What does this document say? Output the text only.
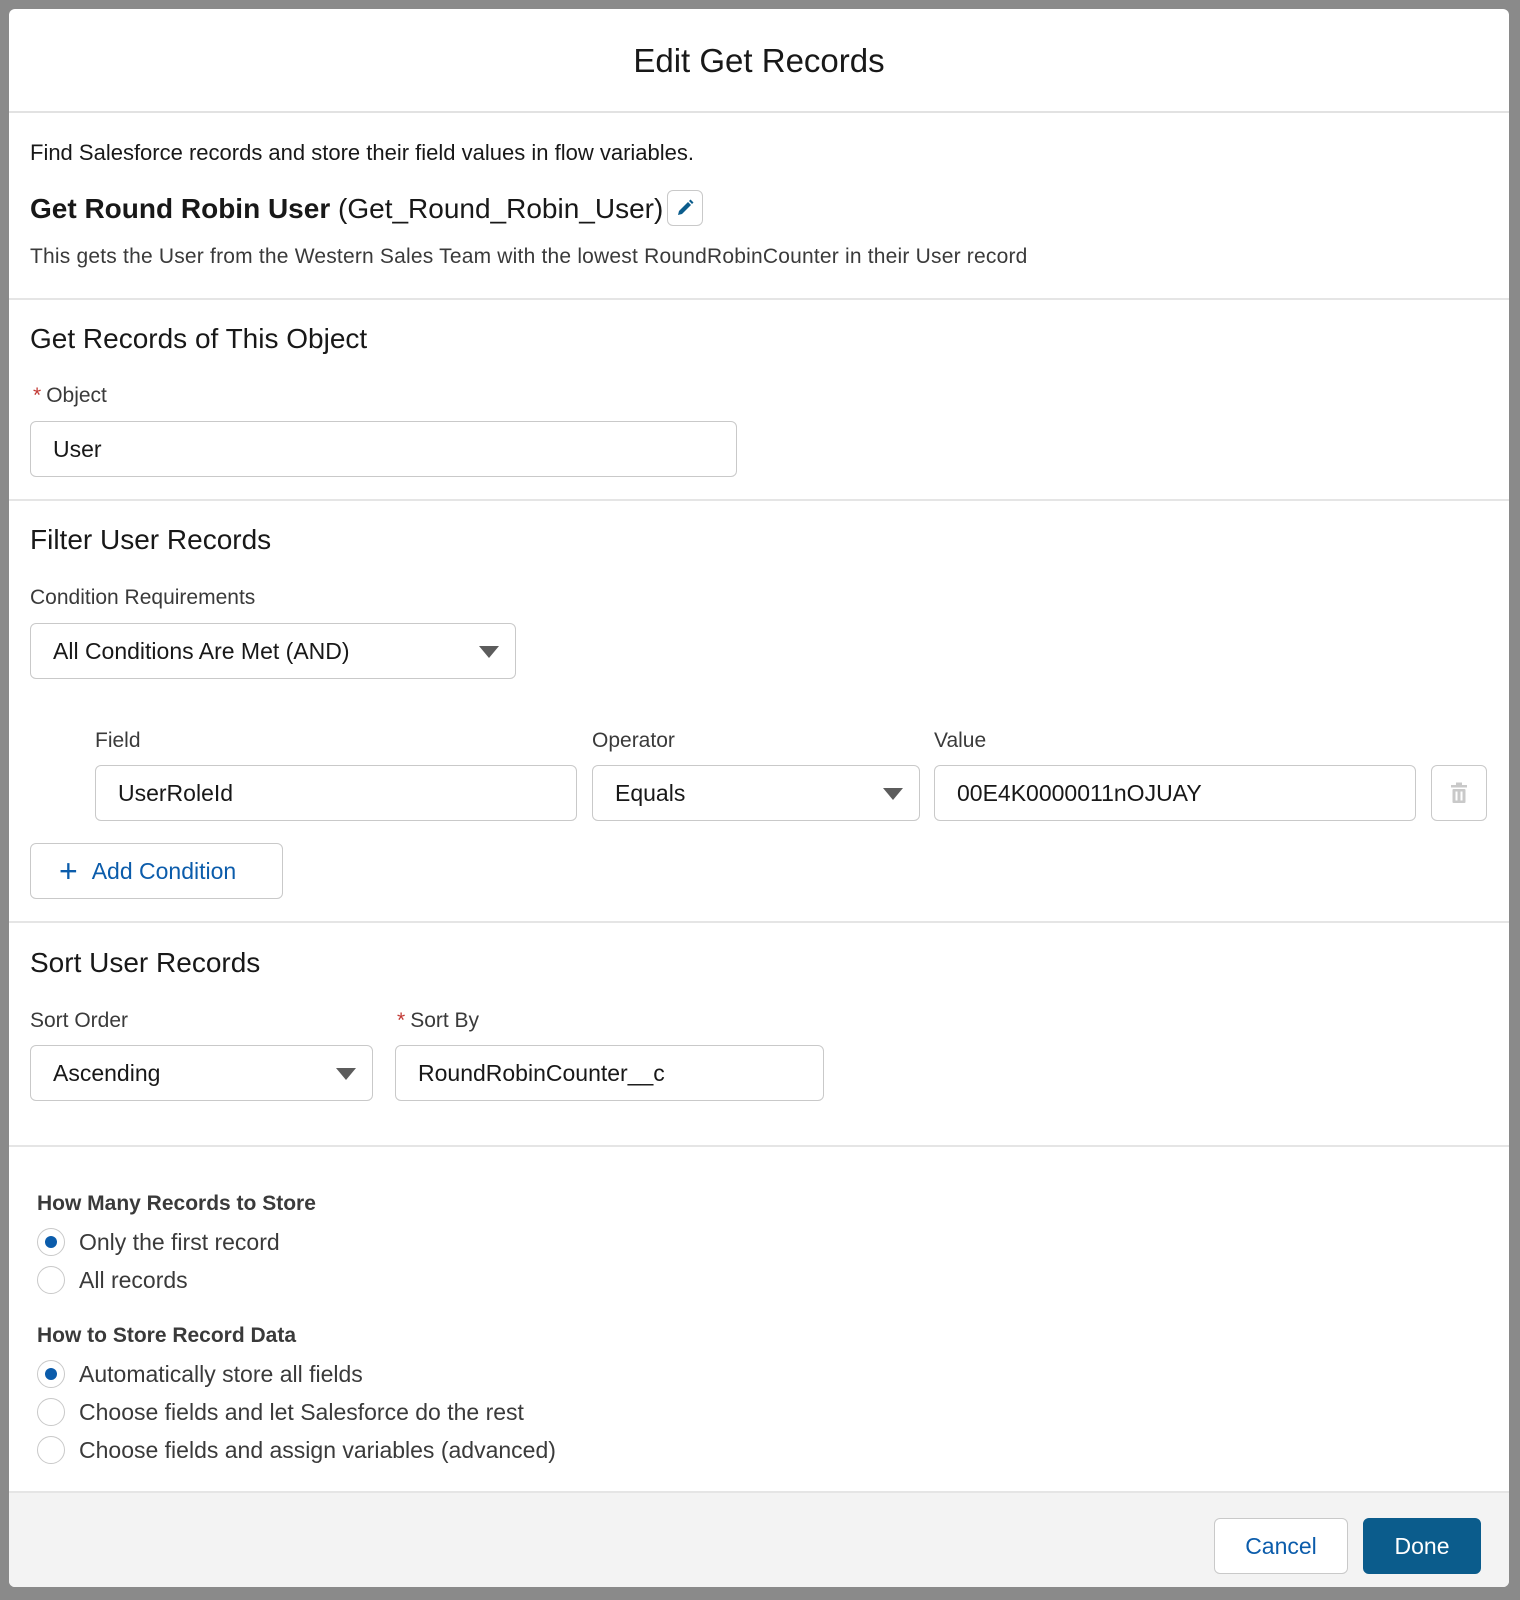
Edit Get Records
Find Salesforce records and store their field values in flow variables.
Get Round Robin User (Get_Round_Robin_User)
This gets the User from the Western Sales Team with the lowest RoundRobinCounter in their User record
Get Records of This Object
* Object
User
Filter User Records
Condition Requirements
All Conditions Are Met (AND)
Field	Operator	Value
UserRoleId	Equals	00E4K0000011nOJUAY
+ Add Condition
Sort User Records
Sort Order	* Sort By
Ascending	RoundRobinCounter__c
How Many Records to Store
Only the first record
All records
How to Store Record Data
Automatically store all fields
Choose fields and let Salesforce do the rest
Choose fields and assign variables (advanced)
Cancel	Done
